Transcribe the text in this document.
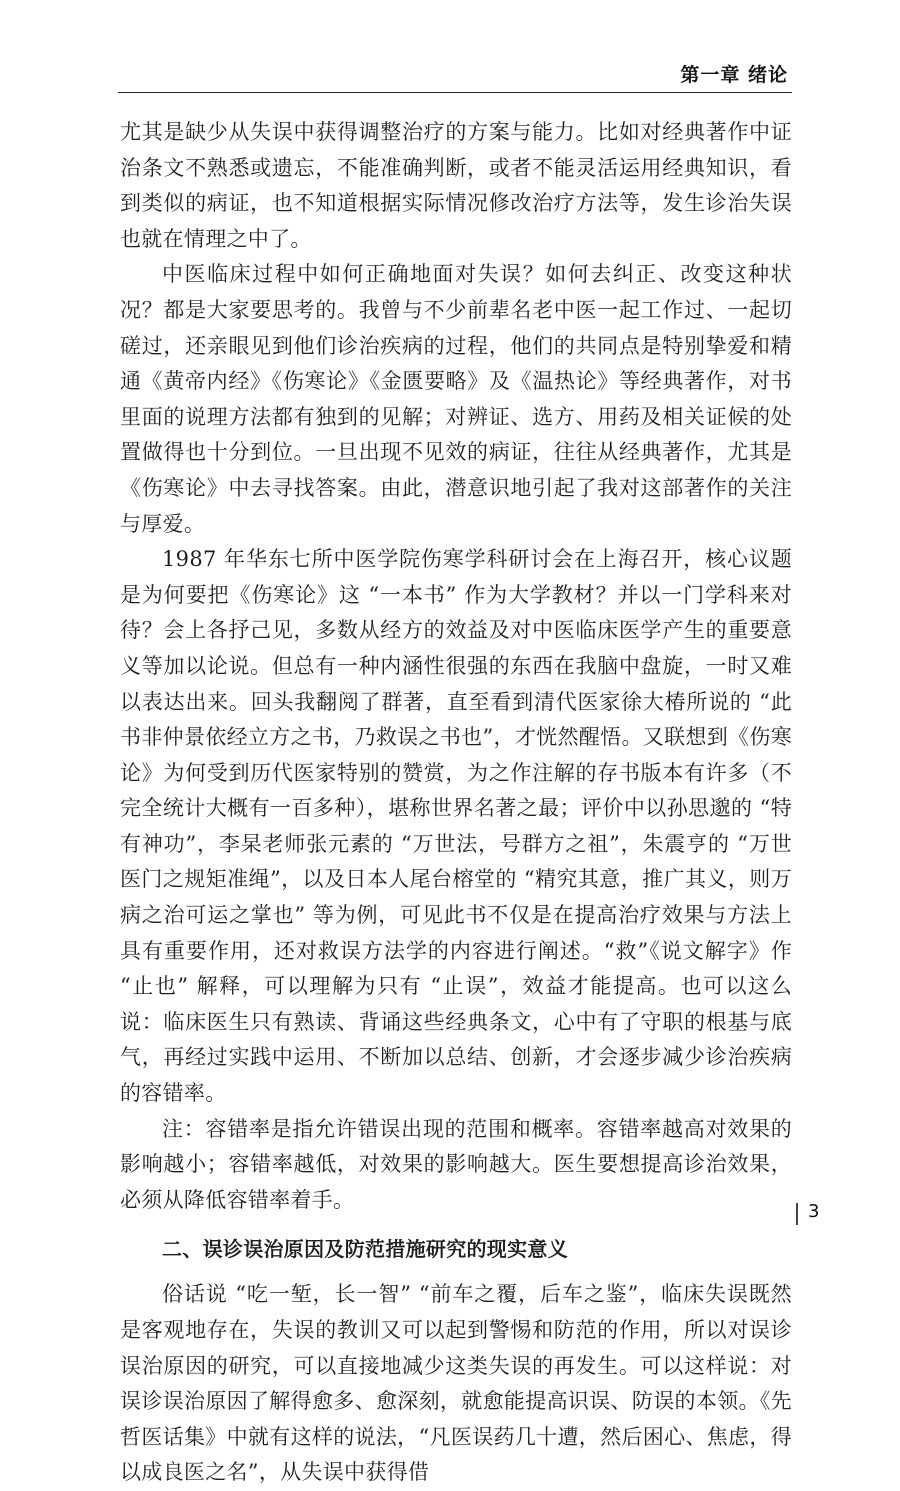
第一章 绪论

尤其是缺少从失误中获得调整治疗的方案与能力。比如对经典著作中证治条文不熟悉或遗忘，不能准确判断，或者不能灵活运用经典知识，看到类似的病证，也不知道根据实际情况修改治疗方法等，发生诊治失误也就在情理之中了。

中医临床过程中如何正确地面对失误？如何去纠正、改变这种状况？都是大家要思考的。我曾与不少前辈名老中医一起工作过、一起切磋过，还亲眼见到他们诊治疾病的过程，他们的共同点是特别挚爱和精通《黄帝内经》《伤寒论》《金匮要略》及《温热论》等经典著作，对书里面的说理方法都有独到的见解；对辨证、选方、用药及相关证候的处置做得也十分到位。一旦出现不见效的病证，往往从经典著作，尤其是《伤寒论》中去寻找答案。由此，潜意识地引起了我对这部著作的关注与厚爱。

1987 年华东七所中医学院伤寒学科研讨会在上海召开，核心议题是为何要把《伤寒论》这 “一本书” 作为大学教材？并以一门学科来对待？会上各抒己见，多数从经方的效益及对中医临床医学产生的重要意义等加以论说。但总有一种内涵性很强的东西在我脑中盘旋，一时又难以表达出来。回头我翻阅了群著，直至看到清代医家徐大椿所说的 “此书非仲景依经立方之书，乃救误之书也”，才恍然醒悟。又联想到《伤寒论》为何受到历代医家特别的赞赏，为之作注解的存书版本有许多（不完全统计大概有一百多种），堪称世界名著之最；评价中以孙思邈的 “特有神功”，李杲老师张元素的 “万世法，号群方之祖”，朱震亨的 “万世医门之规矩准绳”，以及日本人尾台榕堂的 “精究其意，推广其义，则万病之治可运之掌也” 等为例，可见此书不仅是在提高治疗效果与方法上具有重要作用，还对救误方法学的内容进行阐述。“救”《说文解字》作 “止也” 解释，可以理解为只有 “止误”，效益才能提高。也可以这么说：临床医生只有熟读、背诵这些经典条文，心中有了守职的根基与底气，再经过实践中运用、不断加以总结、创新，才会逐步减少诊治疾病的容错率。

注：容错率是指允许错误出现的范围和概率。容错率越高对效果的影响越小；容错率越低，对效果的影响越大。医生要想提高诊治效果，必须从降低容错率着手。

二、误诊误治原因及防范措施研究的现实意义

俗话说 “吃一堑，长一智” “前车之覆，后车之鉴”，临床失误既然是客观地存在，失误的教训又可以起到警惕和防范的作用，所以对误诊误治原因的研究，可以直接地减少这类失误的再发生。可以这样说：对误诊误治原因了解得愈多、愈深刻，就愈能提高识误、防误的本领。《先哲医话集》中就有这样的说法，“凡医误药几十遭，然后困心、焦虑，得以成良医之名”，从失误中获得借

3
